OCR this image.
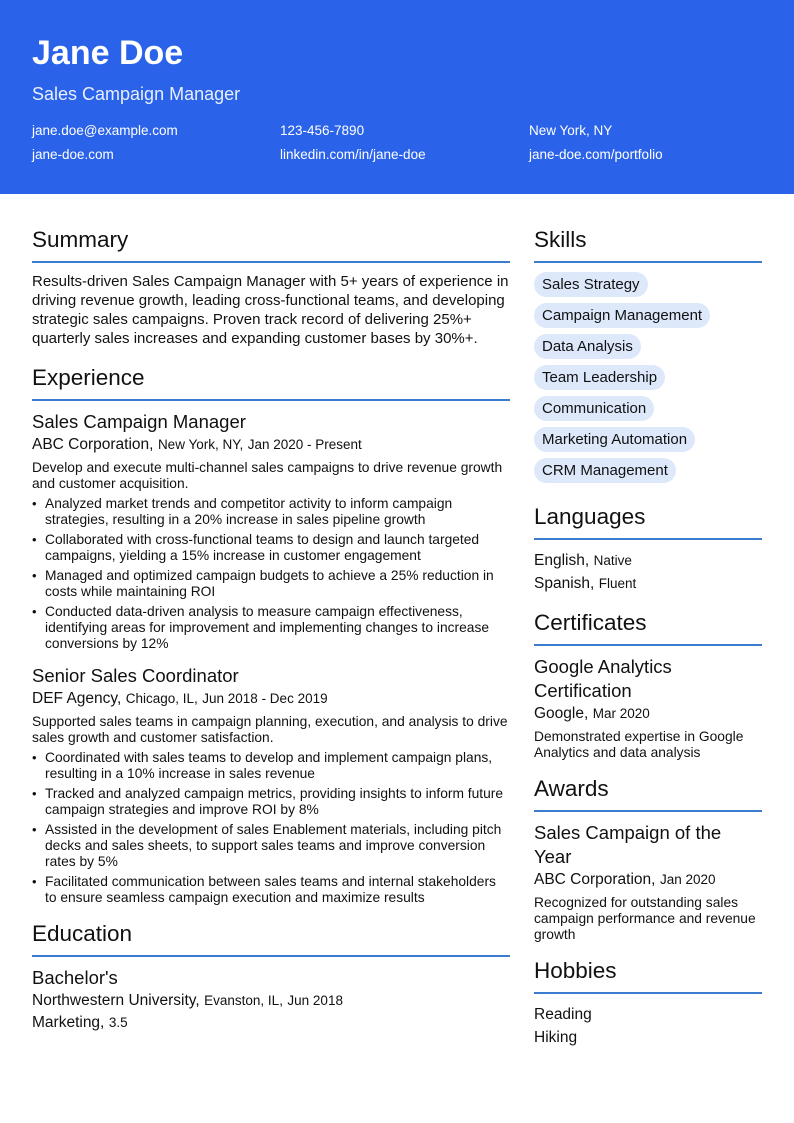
Jane Doe
Sales Campaign Manager
jane.doe@example.com	123-456-7890	New York, NY
jane-doe.com	linkedin.com/in/jane-doe	jane-doe.com/portfolio
Summary
Results-driven Sales Campaign Manager with 5+ years of experience in driving revenue growth, leading cross-functional teams, and developing strategic sales campaigns. Proven track record of delivering 25%+ quarterly sales increases and expanding customer bases by 30%+.
Experience
Sales Campaign Manager
ABC Corporation, New York, NY, Jan 2020 - Present
Develop and execute multi-channel sales campaigns to drive revenue growth and customer acquisition.
• Analyzed market trends and competitor activity to inform campaign strategies, resulting in a 20% increase in sales pipeline growth
• Collaborated with cross-functional teams to design and launch targeted campaigns, yielding a 15% increase in customer engagement
• Managed and optimized campaign budgets to achieve a 25% reduction in costs while maintaining ROI
• Conducted data-driven analysis to measure campaign effectiveness, identifying areas for improvement and implementing changes to increase conversions by 12%
Senior Sales Coordinator
DEF Agency, Chicago, IL, Jun 2018 - Dec 2019
Supported sales teams in campaign planning, execution, and analysis to drive sales growth and customer satisfaction.
• Coordinated with sales teams to develop and implement campaign plans, resulting in a 10% increase in sales revenue
• Tracked and analyzed campaign metrics, providing insights to inform future campaign strategies and improve ROI by 8%
• Assisted in the development of sales Enablement materials, including pitch decks and sales sheets, to support sales teams and improve conversion rates by 5%
• Facilitated communication between sales teams and internal stakeholders to ensure seamless campaign execution and maximize results
Education
Bachelor's
Northwestern University, Evanston, IL, Jun 2018
Marketing, 3.5
Skills
Sales Strategy
Campaign Management
Data Analysis
Team Leadership
Communication
Marketing Automation
CRM Management
Languages
English, Native
Spanish, Fluent
Certificates
Google Analytics Certification
Google, Mar 2020
Demonstrated expertise in Google Analytics and data analysis
Awards
Sales Campaign of the Year
ABC Corporation, Jan 2020
Recognized for outstanding sales campaign performance and revenue growth
Hobbies
Reading
Hiking
